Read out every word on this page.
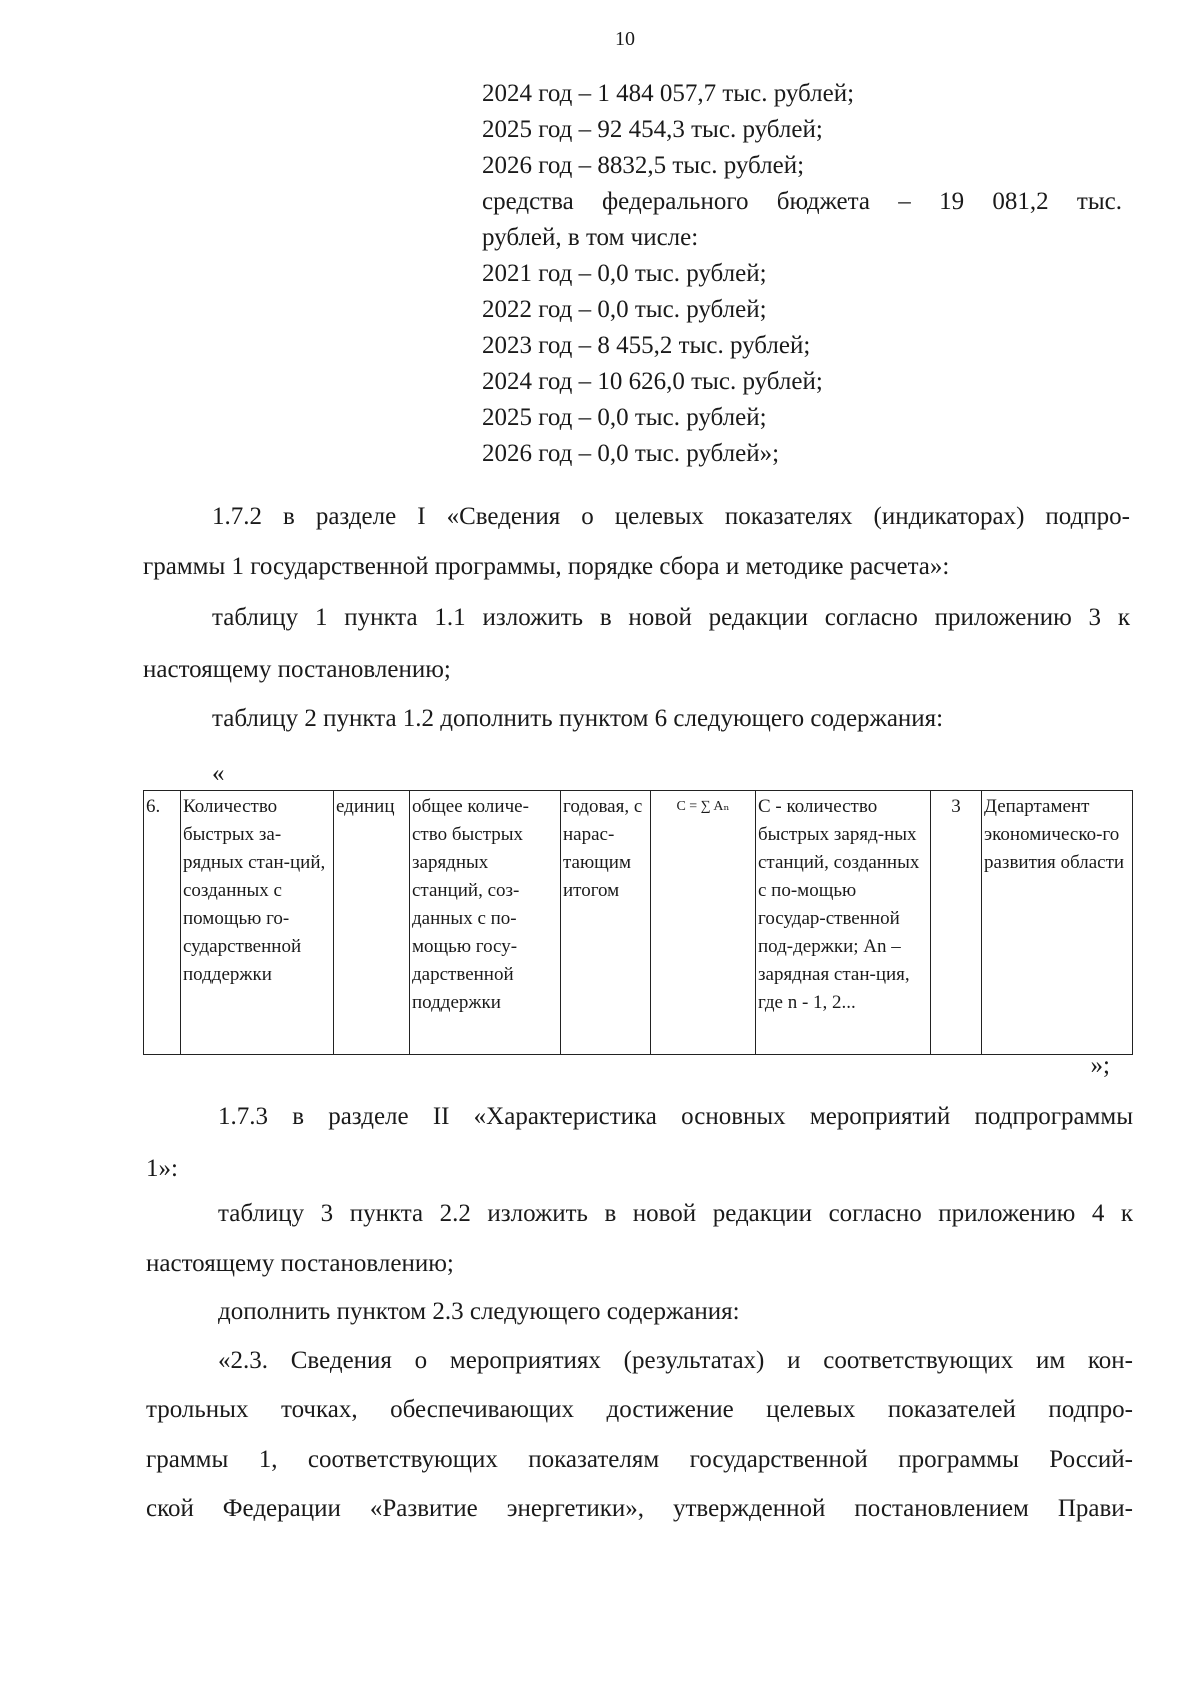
10
2024 год – 1 484 057,7 тыс. рублей;
2025 год – 92 454,3 тыс. рублей;
2026 год – 8832,5 тыс. рублей;
средства федерального бюджета – 19 081,2 тыс.
рублей, в том числе:
2021 год – 0,0 тыс. рублей;
2022 год – 0,0 тыс. рублей;
2023 год – 8 455,2 тыс. рублей;
2024 год – 10 626,0 тыс. рублей;
2025 год – 0,0 тыс. рублей;
2026 год – 0,0 тыс. рублей»;
1.7.2 в разделе I «Сведения о целевых показателях (индикаторах) подпро-
граммы 1 государственной программы, порядке сбора и методике расчета»:
таблицу 1 пункта 1.1 изложить в новой редакции согласно приложению 3 к
настоящему постановлению;
таблицу 2 пункта 1.2 дополнить пунктом 6 следующего содержания:
«
6.	Количество быстрых за-рядных стан-ций, созданных с помощью го-сударственной поддержки	единиц	общее количе-ство быстрых зарядных станций, соз-данных с по-мощью госу-дарственной поддержки	годовая, с нарас-тающим итогом	C = ∑ Aₙ	С - количество быстрых заряд-ных станций, созданных с по-мощью государ-ственной под-держки; An – зарядная стан-ция, где n - 1, 2...	3	Департамент экономическо-го развития области
»;
1.7.3 в разделе II «Характеристика основных мероприятий подпрограммы
1»:
таблицу 3 пункта 2.2 изложить в новой редакции согласно приложению 4 к
настоящему постановлению;
дополнить пунктом 2.3 следующего содержания:
«2.3. Сведения о мероприятиях (результатах) и соответствующих им кон-
трольных точках, обеспечивающих достижение целевых показателей подпро-
граммы 1, соответствующих показателям государственной программы Россий-
ской Федерации «Развитие энергетики», утвержденной постановлением Прави-
